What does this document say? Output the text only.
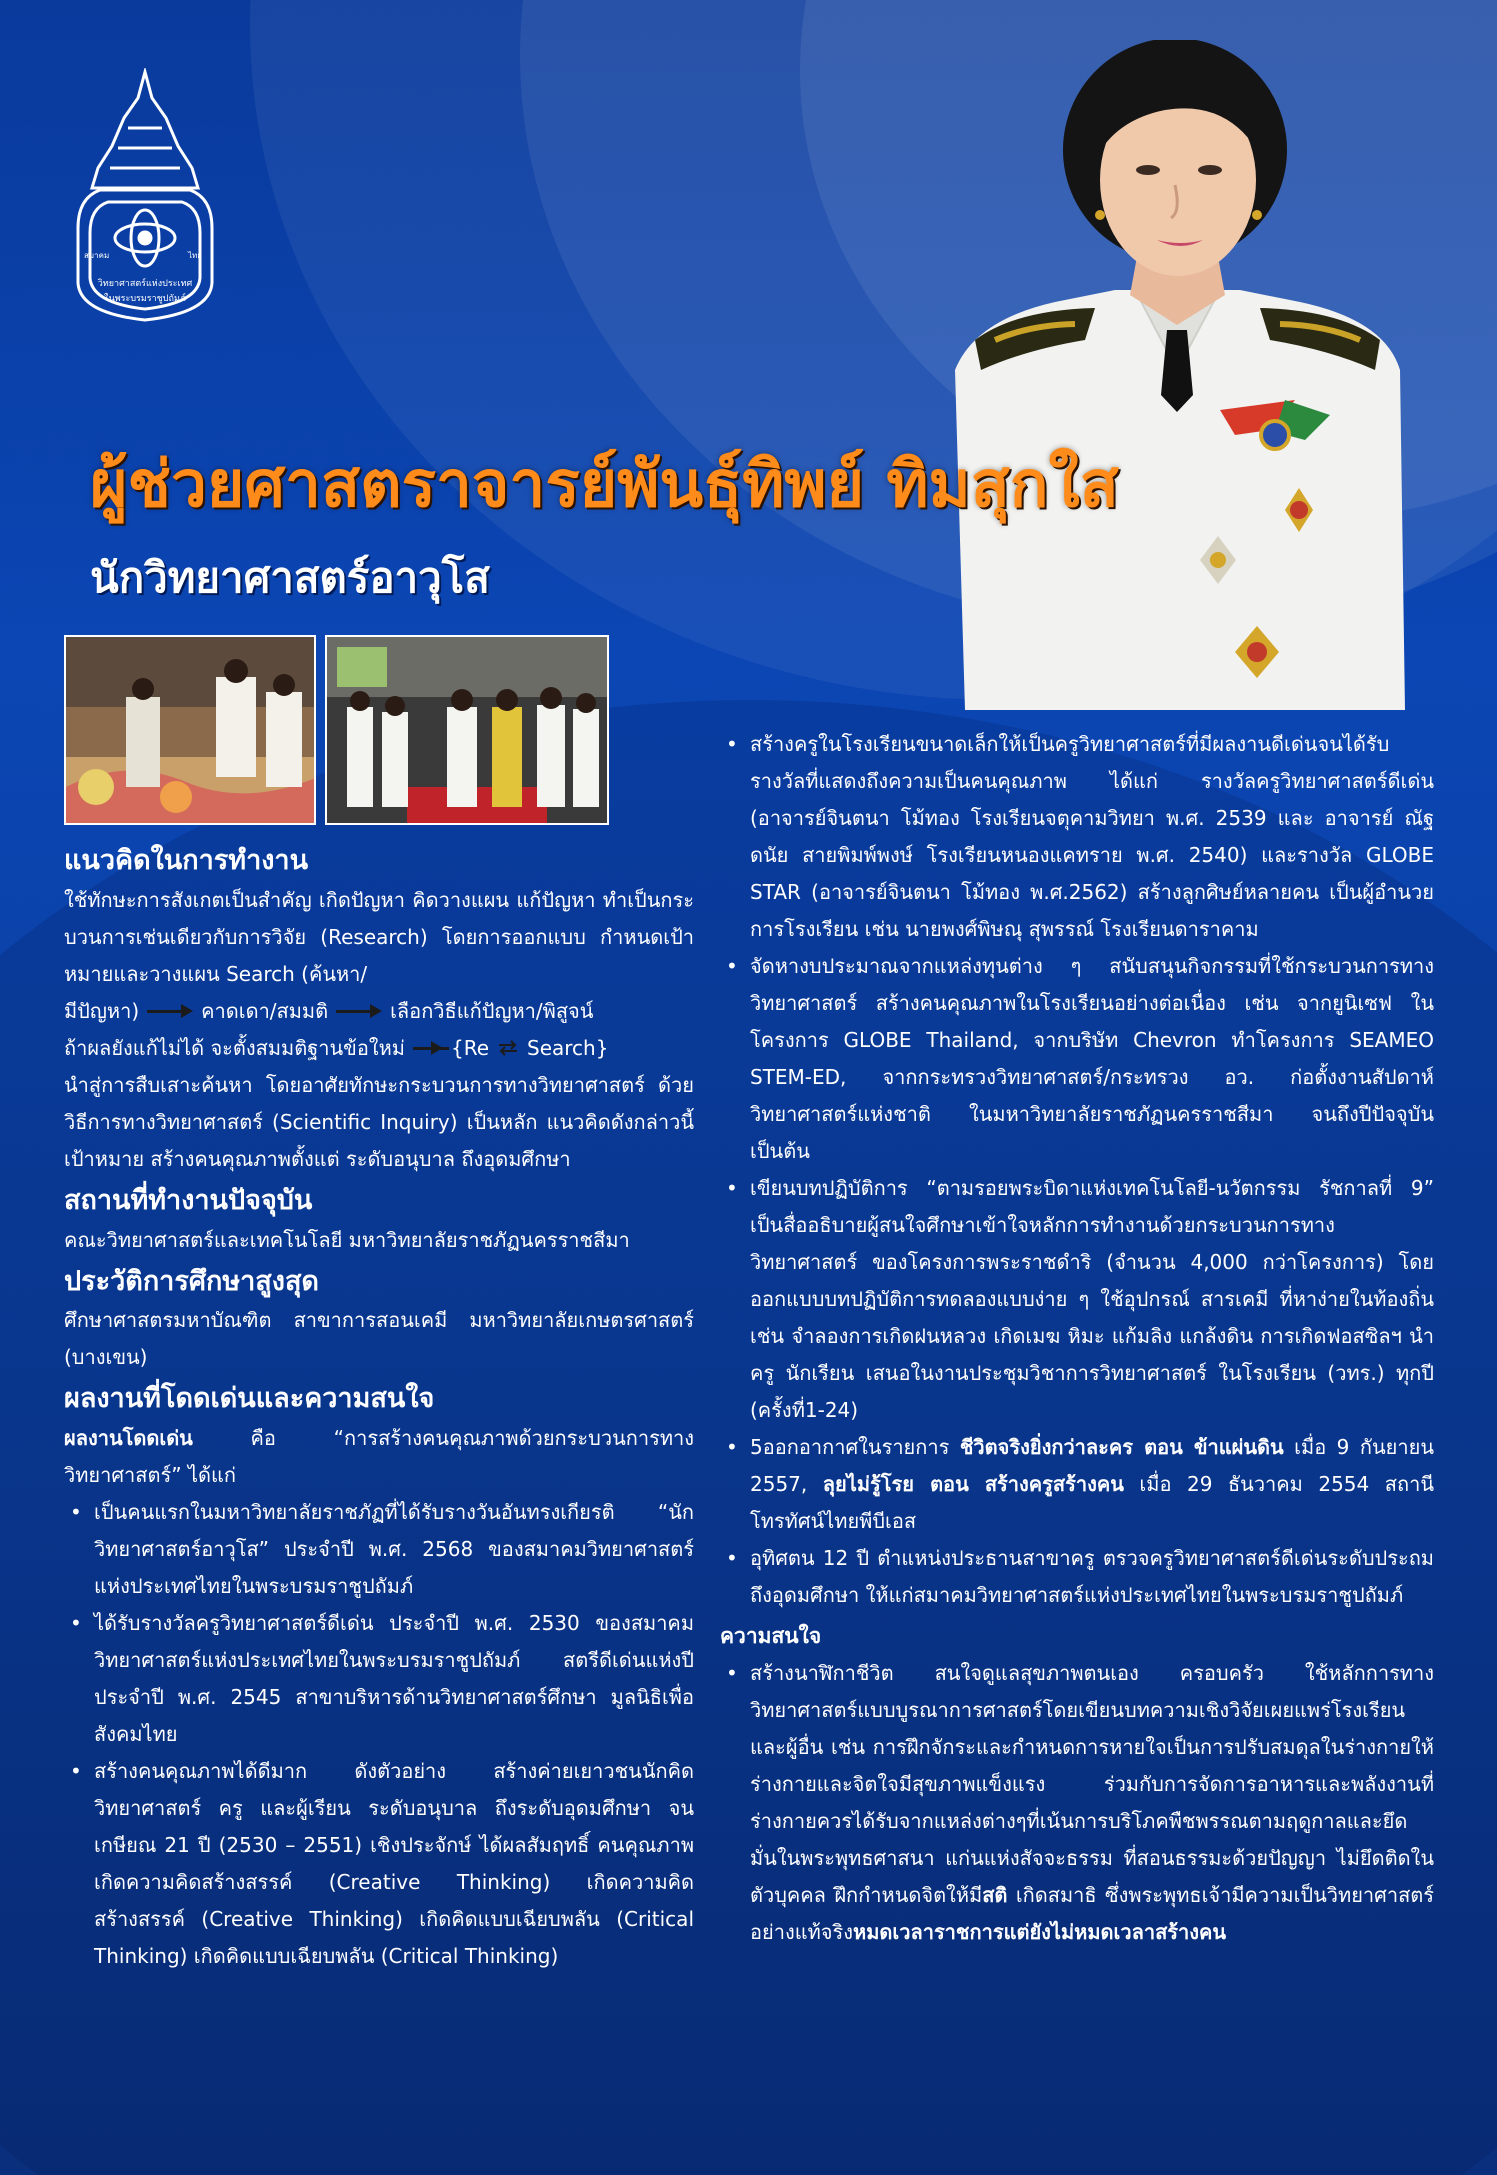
วิทยาศาสตร์แห่งประเทศ
ในพระบรมราชูปถัมภ์
สมาคม	ไทย
ผู้ช่วยศาสตราจารย์พันธุ์ทิพย์ ทิมสุกใส
นักวิทยาศาสตร์อาวุโส
แนวคิดในการทำงาน
ใช้ทักษะการสังเกตเป็นสำคัญ เกิดปัญหา คิดวางแผน แก้ปัญหา ทำเป็นกระบวนการเช่นเดียวกับการวิจัย (Research) โดยการออกแบบ กำหนดเป้าหมายและวางแผน Search (ค้นหา/
มีปัญหา)	คาดเดา/สมมติ	เลือกวิธีแก้ปัญหา/พิสูจน์
ถ้าผลยังแก้ไม่ได้ จะตั้งสมมติฐานข้อใหม่ {Re Search}
นำสู่การสืบเสาะค้นหา โดยอาศัยทักษะกระบวนการทางวิทยาศาสตร์ ด้วยวิธีการทางวิทยาศาสตร์ (Scientific Inquiry) เป็นหลัก แนวคิดดังกล่าวนี้ เป้าหมาย สร้างคนคุณภาพตั้งแต่ ระดับอนุบาล ถึงอุดมศึกษา
สถานที่ทำงานปัจจุบัน
คณะวิทยาศาสตร์และเทคโนโลยี มหาวิทยาลัยราชภัฏนครราชสีมา
ประวัติการศึกษาสูงสุด
ศึกษาศาสตรมหาบัณฑิต สาขาการสอนเคมี มหาวิทยาลัยเกษตรศาสตร์ (บางเขน)
ผลงานที่โดดเด่นและความสนใจ
ผลงานโดดเด่น คือ “การสร้างคนคุณภาพด้วยกระบวนการทางวิทยาศาสตร์” ได้แก่
• เป็นคนแรกในมหาวิทยาลัยราชภัฏที่ได้รับรางวันอันทรงเกียรติ “นักวิทยาศาสตร์อาวุโส” ประจำปี พ.ศ. 2568 ของสมาคมวิทยาศาสตร์แห่งประเทศไทยในพระบรมราชูปถัมภ์
• ได้รับรางวัลครูวิทยาศาสตร์ดีเด่น ประจำปี พ.ศ. 2530 ของสมาคมวิทยาศาสตร์แห่งประเทศไทยในพระบรมราชูปถัมภ์ สตรีดีเด่นแห่งปีประจำปี พ.ศ. 2545 สาขาบริหารด้านวิทยาศาสตร์ศึกษา มูลนิธิเพื่อสังคมไทย
• สร้างคนคุณภาพได้ดีมาก ดังตัวอย่าง สร้างค่ายเยาวชนนักคิดวิทยาศาสตร์ ครู และผู้เรียน ระดับอนุบาล ถึงระดับอุดมศึกษา จนเกษียณ 21 ปี (2530 – 2551) เชิงประจักษ์ ได้ผลสัมฤทธิ์ คนคุณภาพ เกิดความคิดสร้างสรรค์ (Creative Thinking) เกิดความคิดสร้างสรรค์ (Creative Thinking) เกิดคิดแบบเฉียบพลัน (Critical Thinking) เกิดคิดแบบเฉียบพลัน (Critical Thinking)
• สร้างครูในโรงเรียนขนาดเล็กให้เป็นครูวิทยาศาสตร์ที่มีผลงานดีเด่นจนได้รับรางวัลที่แสดงถึงความเป็นคนคุณภาพ ได้แก่ รางวัลครูวิทยาศาสตร์ดีเด่น (อาจารย์จินตนา โม้ทอง โรงเรียนจตุคามวิทยา พ.ศ. 2539 และ อาจารย์ ณัฐดนัย สายพิมพ์พงษ์ โรงเรียนหนองแคทราย พ.ศ. 2540) และรางวัล GLOBE STAR (อาจารย์จินตนา โม้ทอง พ.ศ.2562) สร้างลูกศิษย์หลายคน เป็นผู้อำนวยการโรงเรียน เช่น นายพงศ์พิษณุ สุพรรณ์ โรงเรียนดาราคาม
• จัดหางบประมาณจากแหล่งทุนต่าง ๆ สนับสนุนกิจกรรมที่ใช้กระบวนการทางวิทยาศาสตร์ สร้างคนคุณภาพในโรงเรียนอย่างต่อเนื่อง เช่น จากยูนิเซฟ ในโครงการ GLOBE Thailand, จากบริษัท Chevron ทำโครงการ SEAMEO STEM-ED, จากกระทรวงวิทยาศาสตร์/กระทรวง อว. ก่อตั้งงานสัปดาห์วิทยาศาสตร์แห่งชาติ ในมหาวิทยาลัยราชภัฏนครราชสีมา จนถึงปีปัจจุบัน เป็นต้น
• เขียนบทปฏิบัติการ “ตามรอยพระบิดาแห่งเทคโนโลยี-นวัตกรรม รัชกาลที่ 9” เป็นสื่ออธิบายผู้สนใจศึกษาเข้าใจหลักการทำงานด้วยกระบวนการทางวิทยาศาสตร์ ของโครงการพระราชดำริ (จำนวน 4,000 กว่าโครงการ) โดยออกแบบบทปฏิบัติการทดลองแบบง่าย ๆ ใช้อุปกรณ์ สารเคมี ที่หาง่ายในท้องถิ่น เช่น จำลองการเกิดฝนหลวง เกิดเมฆ หิมะ แก้มลิง แกล้งดิน การเกิดฟอสซิลฯ นำ ครู นักเรียน เสนอในงานประชุมวิชาการวิทยาศาสตร์ ในโรงเรียน (วทร.) ทุกปี (ครั้งที่1-24)
• 5ออกอากาศในรายการ ชีวิตจริงยิ่งกว่าละคร ตอน ข้าแผ่นดิน เมื่อ 9 กันยายน 2557, ลุยไม่รู้โรย ตอน สร้างครูสร้างคน เมื่อ 29 ธันวาคม 2554 สถานีโทรทัศน์ไทยพีบีเอส
• อุทิศตน 12 ปี ตำแหน่งประธานสาขาครู ตรวจครูวิทยาศาสตร์ดีเด่นระดับประถมถึงอุดมศึกษา ให้แก่สมาคมวิทยาศาสตร์แห่งประเทศไทยในพระบรมราชูปถัมภ์
ความสนใจ
• สร้างนาฬิกาชีวิต สนใจดูแลสุขภาพตนเอง ครอบครัว ใช้หลักการทางวิทยาศาสตร์แบบบูรณาการศาสตร์โดยเขียนบทความเชิงวิจัยเผยแพร่โรงเรียนและผู้อื่น เช่น การฝึกจักระและกำหนดการหายใจเป็นการปรับสมดุลในร่างกายให้ร่างกายและจิตใจมีสุขภาพแข็งแรง ร่วมกับการจัดการอาหารและพลังงานที่ร่างกายควรได้รับจากแหล่งต่างๆที่เน้นการบริโภคพืชพรรณตามฤดูกาลและยึดมั่นในพระพุทธศาสนา แก่นแห่งสัจจะธรรม ที่สอนธรรมะด้วยปัญญา ไม่ยึดติดในตัวบุคคล ฝึกกำหนดจิตให้มีสติ เกิดสมาธิ ซึ่งพระพุทธเจ้ามีความเป็นวิทยาศาสตร์อย่างแท้จริงหมดเวลาราชการแต่ยังไม่หมดเวลาสร้างคน
